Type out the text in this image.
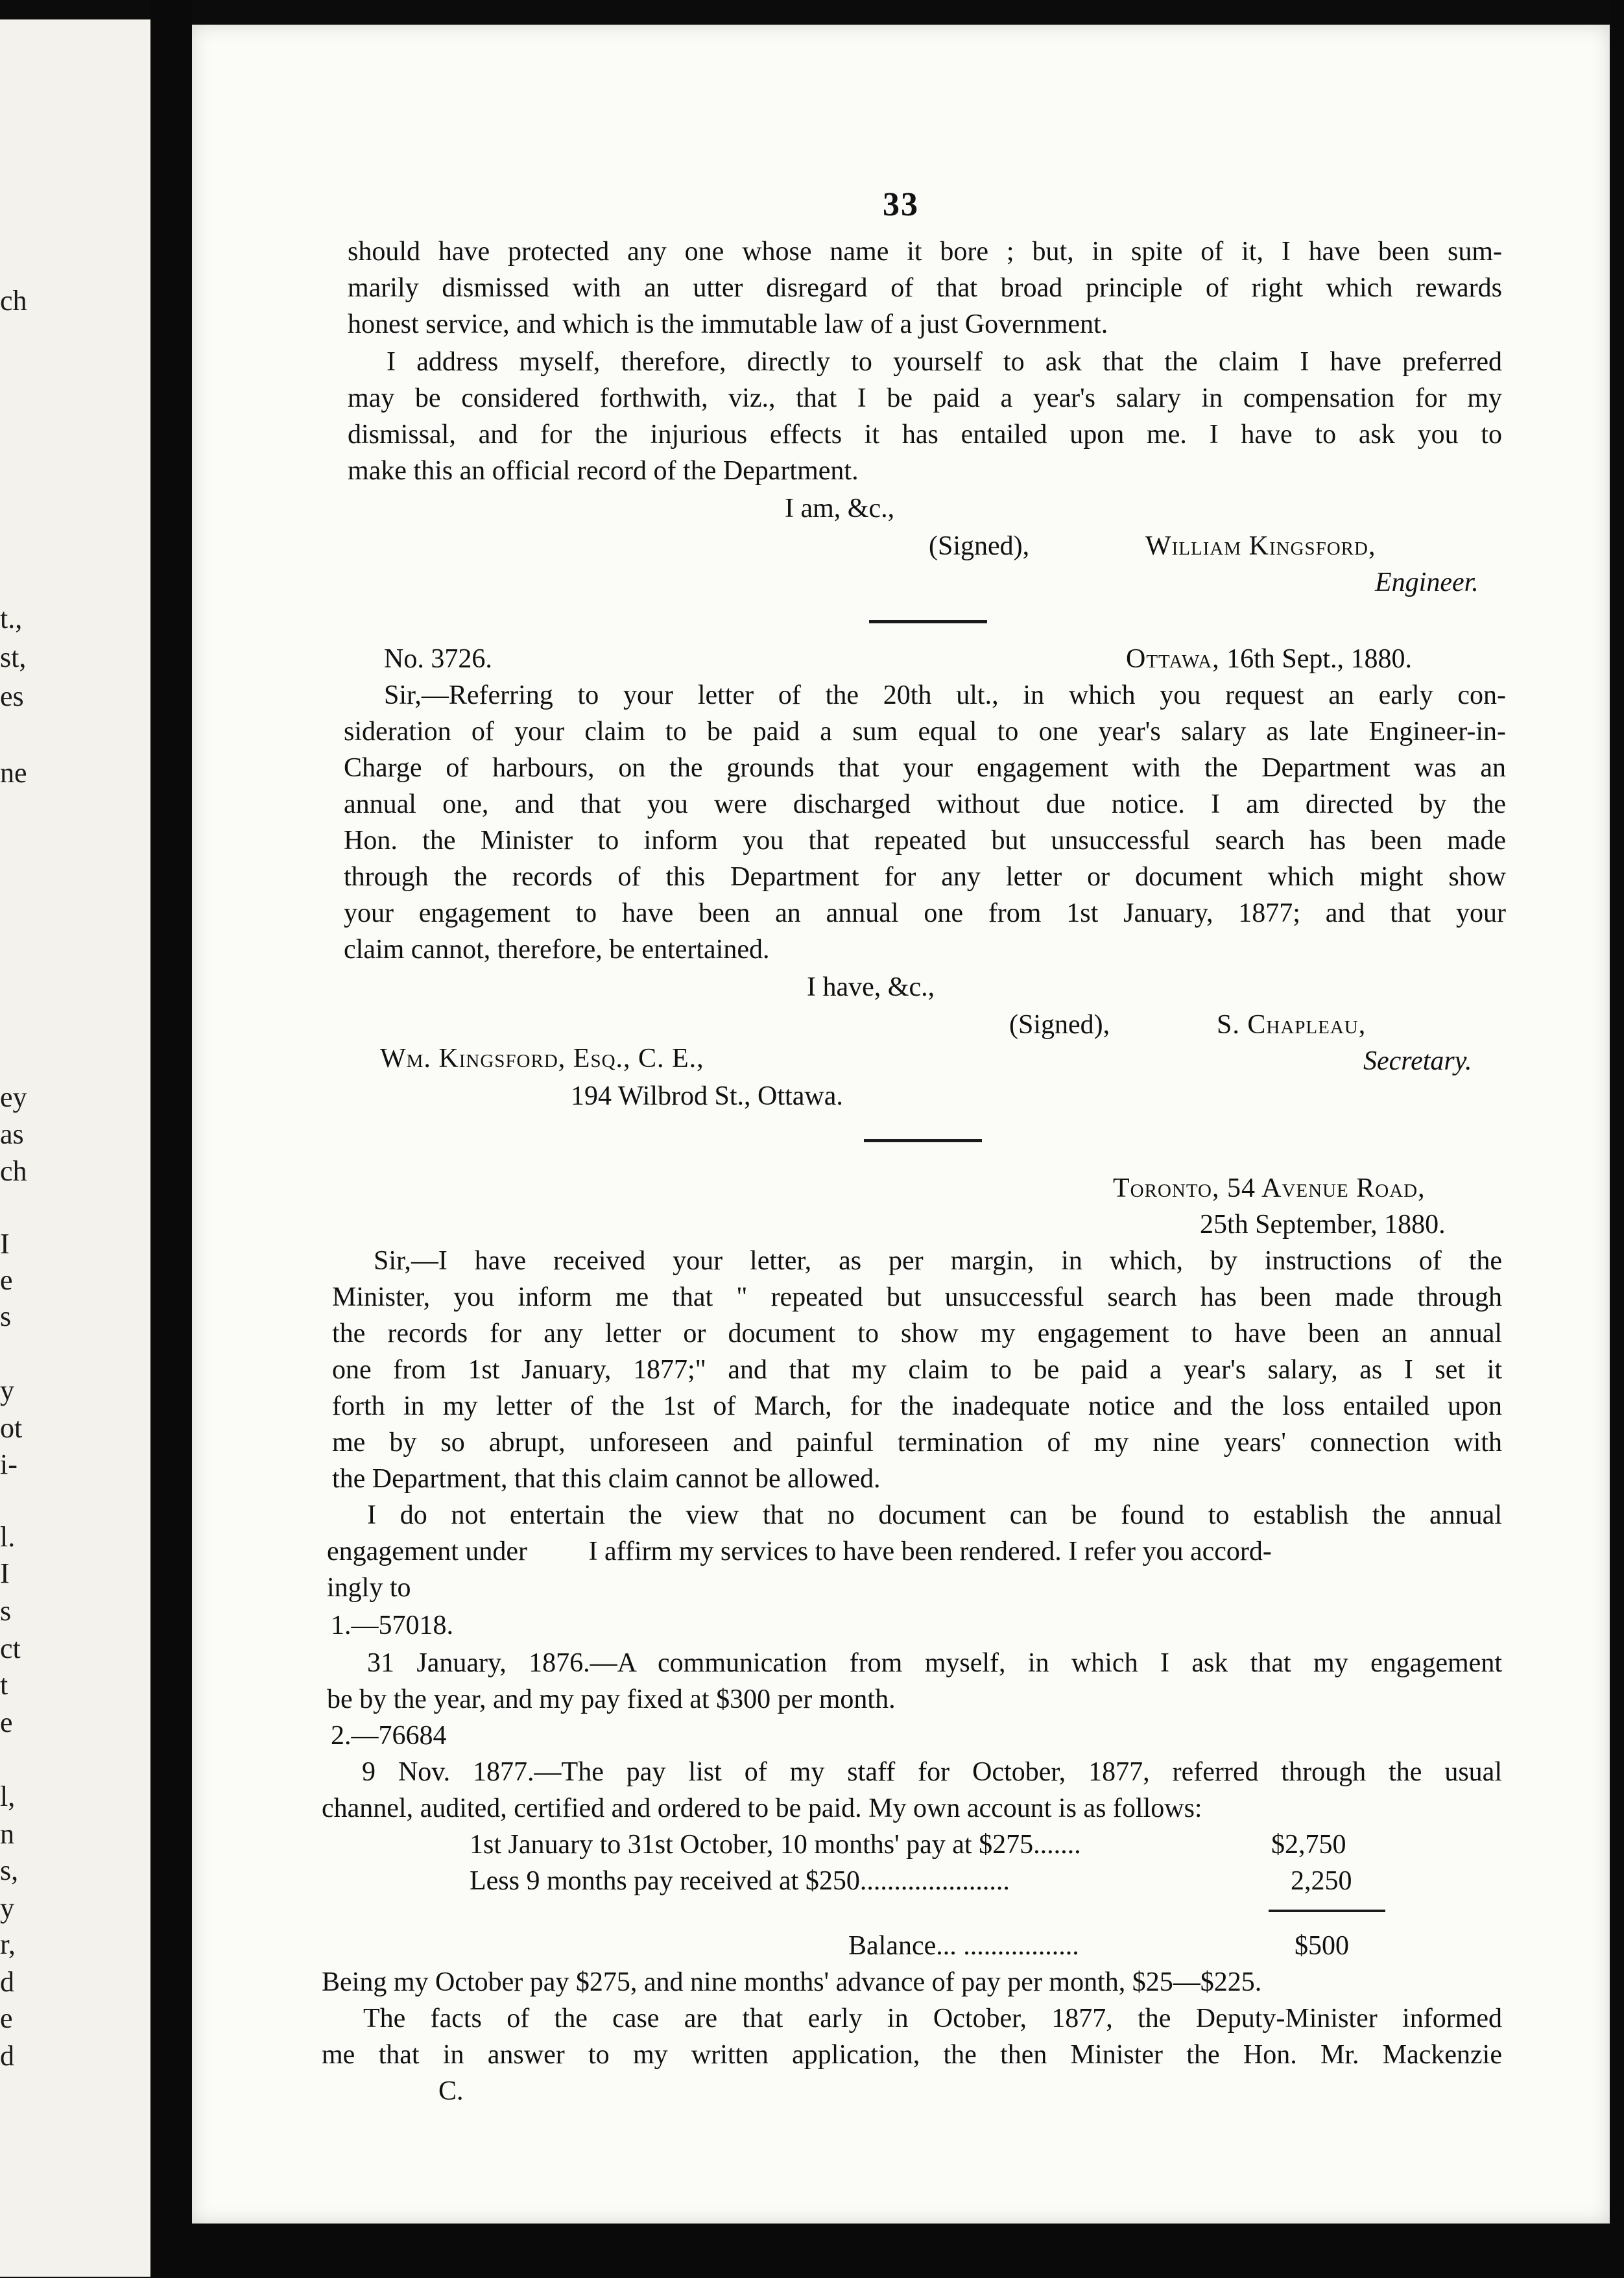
ch
t.,
st,
es
ne
ey
as
ch
I
e
s
y
ot
i-
l.
I
s
ct
t
e
l,
n
s,
y
r,
d
e
d
33
should have protected any one whose name it bore ; but, in spite of it, I have been sum-
marily dismissed with an utter disregard of that broad principle of right which rewards
honest service, and which is the immutable law of a just Government.
I address myself, therefore, directly to yourself to ask that the claim I have preferred
may be considered forthwith, viz., that I be paid a year's salary in compensation for my
dismissal, and for the injurious effects it has entailed upon me. I have to ask you to
make this an official record of the Department.
I am, &c.,
(Signed),	William Kingsford,
Engineer.
No. 3726.	Ottawa, 16th Sept., 1880.
Sir,—Referring to your letter of the 20th ult., in which you request an early con-
sideration of your claim to be paid a sum equal to one year's salary as late Engineer-in-
Charge of harbours, on the grounds that your engagement with the Department was an
annual one, and that you were discharged without due notice. I am directed by the
Hon. the Minister to inform you that repeated but unsuccessful search has been made
through the records of this Department for any letter or document which might show
your engagement to have been an annual one from 1st January, 1877; and that your
claim cannot, therefore, be entertained.
I have, &c.,
(Signed),	S. Chapleau,
Wm. Kingsford, Esq., C. E.,	Secretary.
194 Wilbrod St., Ottawa.
Toronto, 54 Avenue Road,
25th September, 1880.
Sir,—I have received your letter, as per margin, in which, by instructions of the
Minister, you inform me that " repeated but unsuccessful search has been made through
the records for any letter or document to show my engagement to have been an annual
one from 1st January, 1877;" and that my claim to be paid a year's salary, as I set it
forth in my letter of the 1st of March, for the inadequate notice and the loss entailed upon
me by so abrupt, unforeseen and painful termination of my nine years' connection with
the Department, that this claim cannot be allowed.
I do not entertain the view that no document can be found to establish the annual
engagement under         I affirm my services to have been rendered. I refer you accord-
ingly to
1.—57018.
31 January, 1876.—A communication from myself, in which I ask that my engagement
be by the year, and my pay fixed at $300 per month.
2.—76684
9 Nov. 1877.—The pay list of my staff for October, 1877, referred through the usual
channel, audited, certified and ordered to be paid. My own account is as follows:
1st January to 31st October, 10 months' pay at $275.......	$2,750
Less 9 months pay received at $250......................	2,250
Balance... .................	$500
Being my October pay $275, and nine months' advance of pay per month, $25—$225.
The facts of the case are that early in October, 1877, the Deputy-Minister informed
me that in answer to my written application, the then Minister the Hon. Mr. Mackenzie
C.
